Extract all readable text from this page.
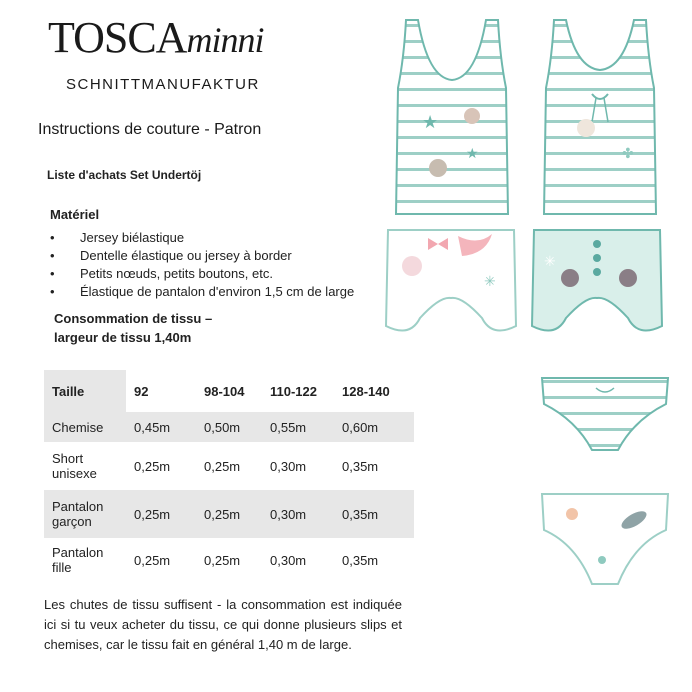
TOSCAminni
SCHNITTMANUFAKTUR
Instructions de couture - Patron
Liste d'achats Set Undertöj
Matériel
• Jersey biélastique
• Dentelle élastique ou jersey à border
• Petits nœuds, petits boutons, etc.
• Élastique de pantalon d'environ 1,5 cm de large
Consommation de tissu –
largeur de tissu 1,40m
Taille	92	98-104	110-122	128-140
Chemise	0,45m	0,50m	0,55m	0,60m
Short
unisexe	0,25m	0,25m	0,30m	0,35m
Pantalon
garçon	0,25m	0,25m	0,30m	0,35m
Pantalon
fille	0,25m	0,25m	0,30m	0,35m
Les chutes de tissu suffisent - la consommation est indiquée ici si tu veux acheter du tissu, ce qui donne plusieurs slips et chemises, car le tissu fait en général 1,40 m de large.
★
★	✤
✳
✳
